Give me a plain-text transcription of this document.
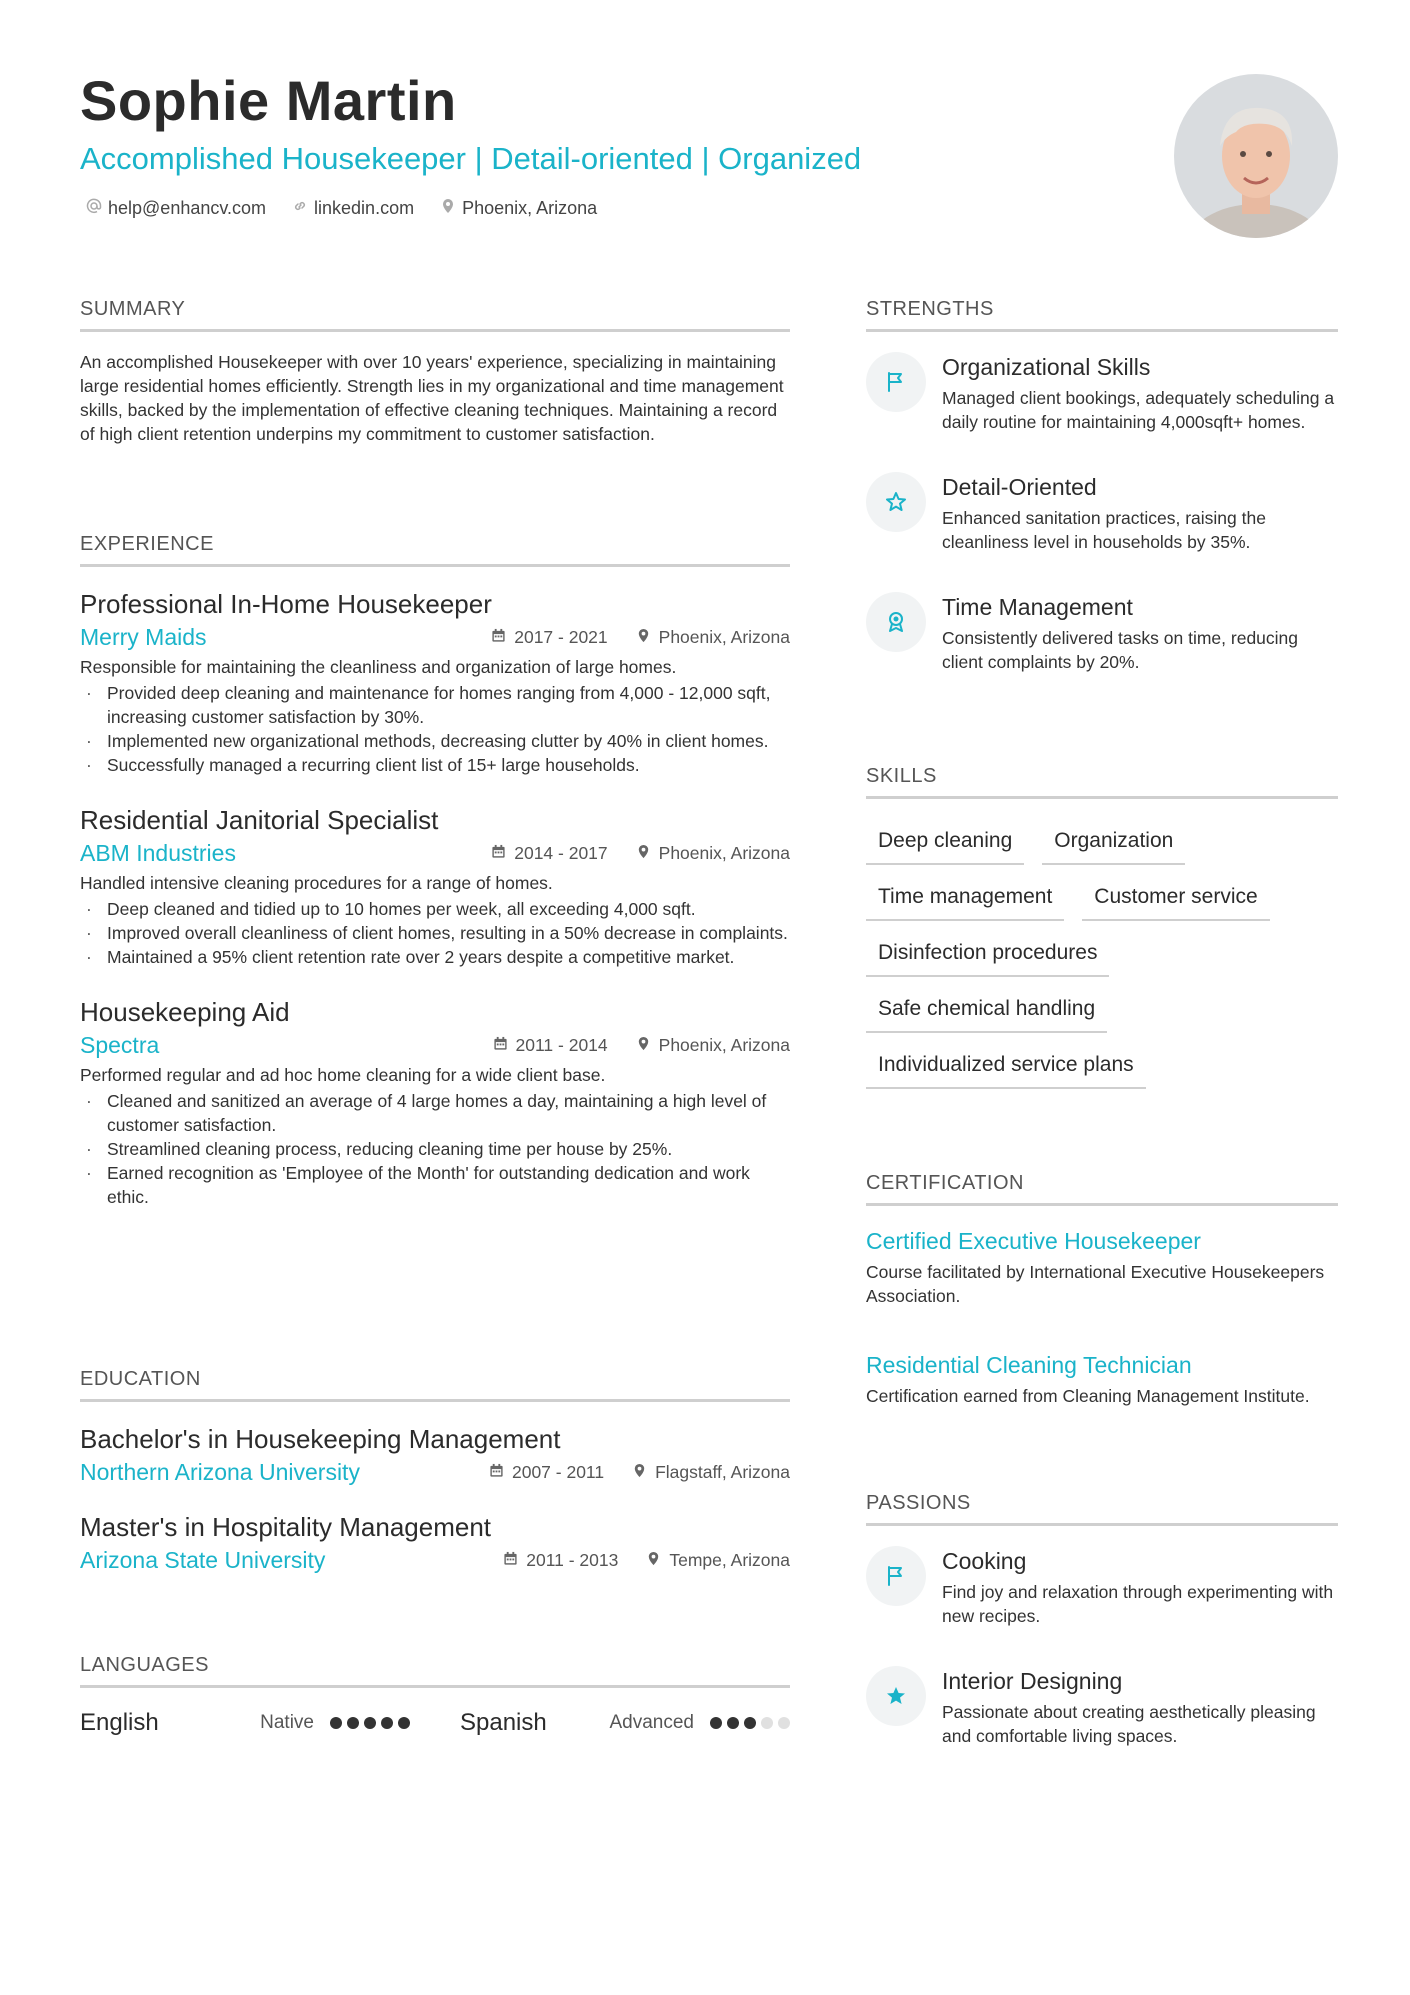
Sophie Martin
Accomplished Housekeeper | Detail-oriented | Organized
help@enhancv.com	linkedin.com	Phoenix, Arizona
SUMMARY
An accomplished Housekeeper with over 10 years' experience, specializing in maintaining large residential homes efficiently. Strength lies in my organizational and time management skills, backed by the implementation of effective cleaning techniques. Maintaining a record of high client retention underpins my commitment to customer satisfaction.
EXPERIENCE
Professional In-Home Housekeeper
Merry Maids	2017 - 2021	Phoenix, Arizona
Responsible for maintaining the cleanliness and organization of large homes.
· Provided deep cleaning and maintenance for homes ranging from 4,000 - 12,000 sqft, increasing customer satisfaction by 30%.
· Implemented new organizational methods, decreasing clutter by 40% in client homes.
· Successfully managed a recurring client list of 15+ large households.
Residential Janitorial Specialist
ABM Industries	2014 - 2017	Phoenix, Arizona
Handled intensive cleaning procedures for a range of homes.
· Deep cleaned and tidied up to 10 homes per week, all exceeding 4,000 sqft.
· Improved overall cleanliness of client homes, resulting in a 50% decrease in complaints.
· Maintained a 95% client retention rate over 2 years despite a competitive market.
Housekeeping Aid
Spectra	2011 - 2014	Phoenix, Arizona
Performed regular and ad hoc home cleaning for a wide client base.
· Cleaned and sanitized an average of 4 large homes a day, maintaining a high level of customer satisfaction.
· Streamlined cleaning process, reducing cleaning time per house by 25%.
· Earned recognition as 'Employee of the Month' for outstanding dedication and work ethic.
EDUCATION
Bachelor's in Housekeeping Management
Northern Arizona University	2007 - 2011	Flagstaff, Arizona
Master's in Hospitality Management
Arizona State University	2011 - 2013	Tempe, Arizona
LANGUAGES
English	Native	Spanish	Advanced
STRENGTHS
Organizational Skills
Managed client bookings, adequately scheduling a daily routine for maintaining 4,000sqft+ homes.
Detail-Oriented
Enhanced sanitation practices, raising the cleanliness level in households by 35%.
Time Management
Consistently delivered tasks on time, reducing client complaints by 20%.
SKILLS
Deep cleaning	Organization
Time management	Customer service
Disinfection procedures
Safe chemical handling
Individualized service plans
CERTIFICATION
Certified Executive Housekeeper
Course facilitated by International Executive Housekeepers Association.
Residential Cleaning Technician
Certification earned from Cleaning Management Institute.
PASSIONS
Cooking
Find joy and relaxation through experimenting with new recipes.
Interior Designing
Passionate about creating aesthetically pleasing and comfortable living spaces.
